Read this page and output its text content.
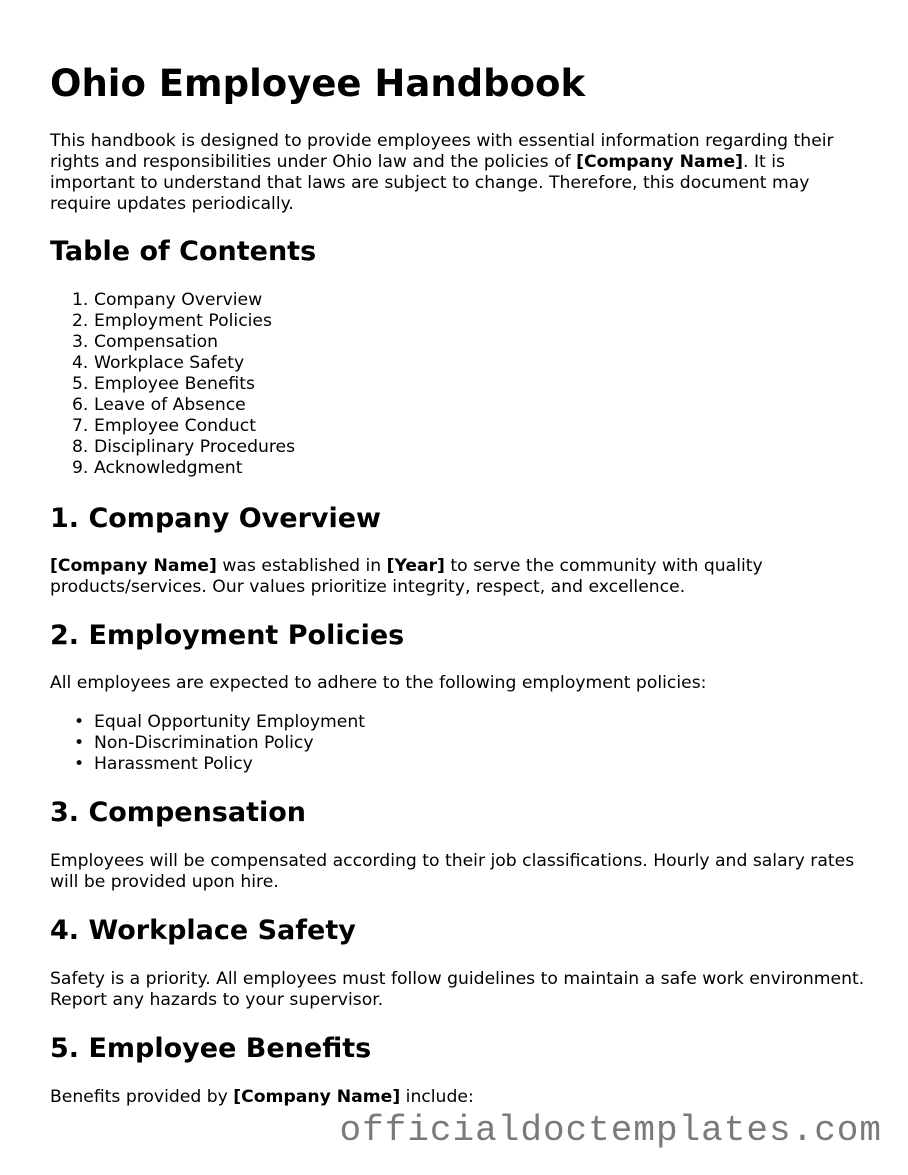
Ohio Employee Handbook

This handbook is designed to provide employees with essential information regarding their rights and responsibilities under Ohio law and the policies of [Company Name]. It is important to understand that laws are subject to change. Therefore, this document may require updates periodically.

Table of Contents
1. Company Overview
2. Employment Policies
3. Compensation
4. Workplace Safety
5. Employee Benefits
6. Leave of Absence
7. Employee Conduct
8. Disciplinary Procedures
9. Acknowledgment
1. Company Overview

[Company Name] was established in [Year] to serve the community with quality products/services. Our values prioritize integrity, respect, and excellence.

2. Employment Policies

All employees are expected to adhere to the following employment policies:

• Equal Opportunity Employment
• Non-Discrimination Policy
• Harassment Policy
3. Compensation

Employees will be compensated according to their job classifications. Hourly and salary rates will be provided upon hire.

4. Workplace Safety

Safety is a priority. All employees must follow guidelines to maintain a safe work environment. Report any hazards to your supervisor.

5. Employee Benefits

Benefits provided by [Company Name] include:

officialdoctemplates.com
